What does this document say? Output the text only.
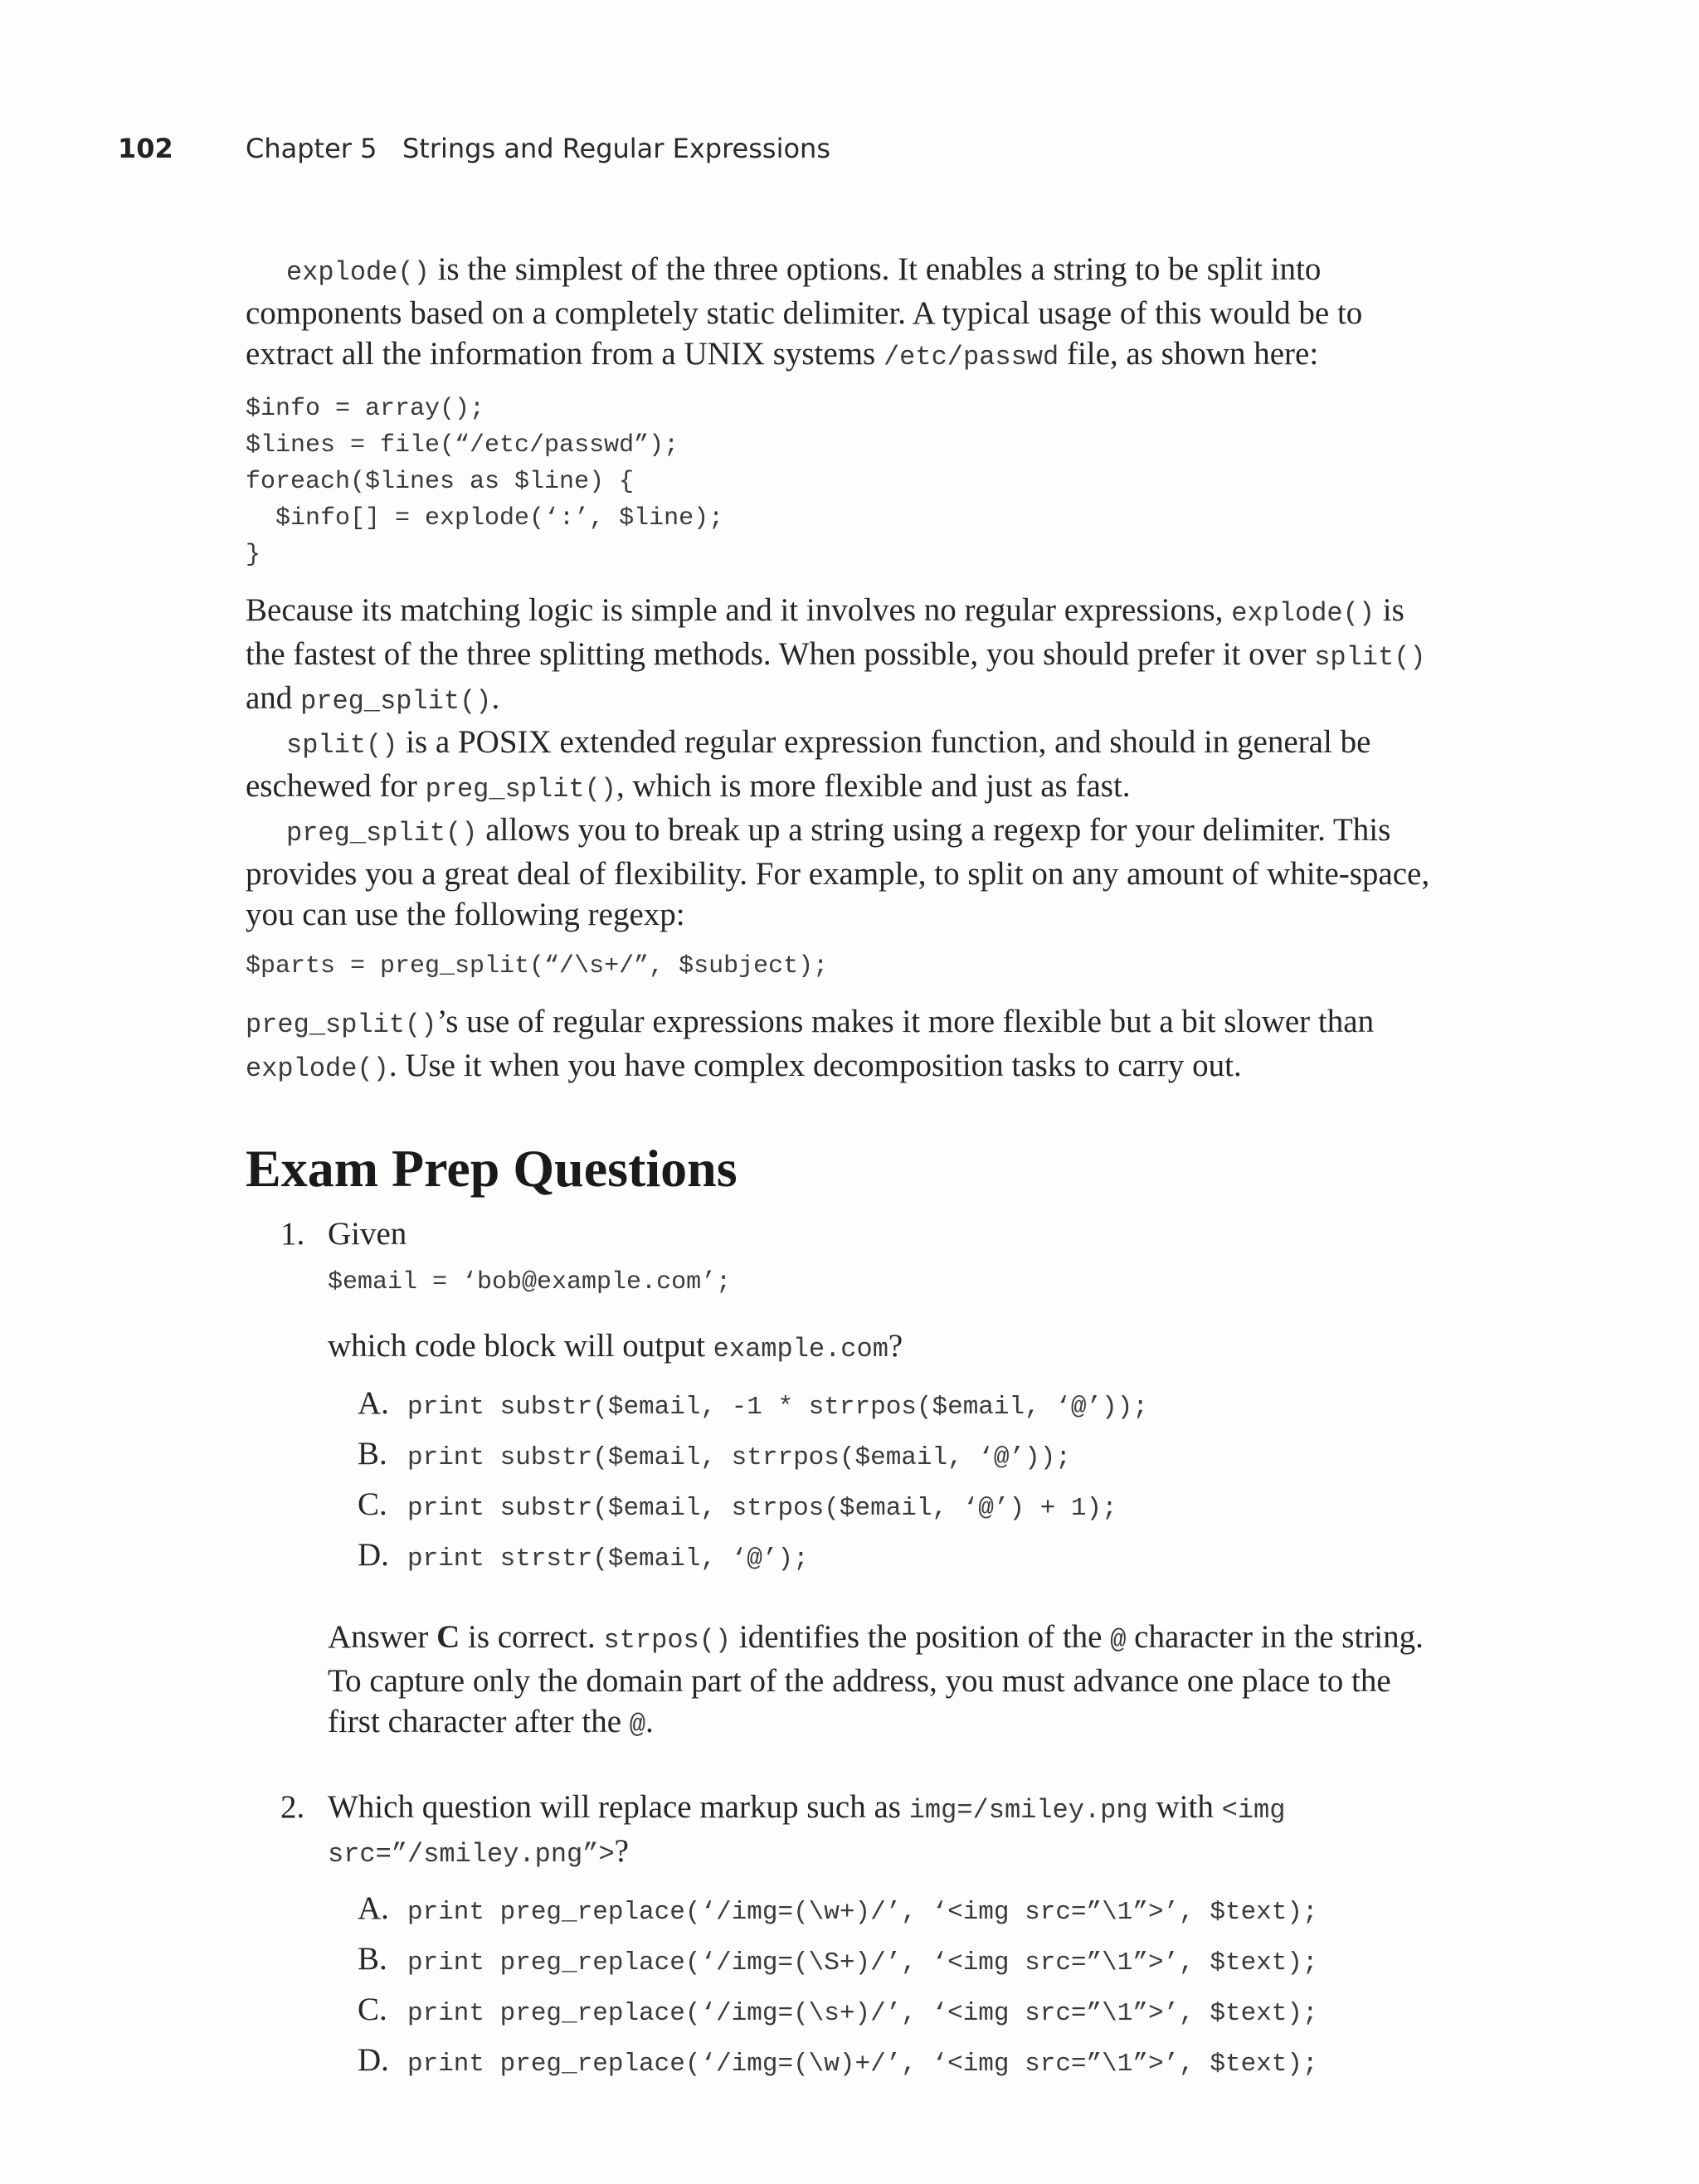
102	Chapter 5   Strings and Regular Expressions

explode() is the simplest of the three options. It enables a string to be split into components based on a completely static delimiter. A typical usage of this would be to extract all the information from a UNIX systems /etc/passwd file, as shown here:

$info = array();
$lines = file(“/etc/passwd”);
foreach($lines as $line) {
$info[] = explode(‘:’, $line);
}

Because its matching logic is simple and it involves no regular expressions, explode() is the fastest of the three splitting methods. When possible, you should prefer it over split() and preg_split().

split() is a POSIX extended regular expression function, and should in general be eschewed for preg_split(), which is more flexible and just as fast.

preg_split() allows you to break up a string using a regexp for your delimiter. This provides you a great deal of flexibility. For example, to split on any amount of white-space, you can use the following regexp:

$parts = preg_split(“/\s+/”, $subject);

preg_split()’s use of regular expressions makes it more flexible but a bit slower than explode(). Use it when you have complex decomposition tasks to carry out.

Exam Prep Questions
1. Given

$email = ‘bob@example.com’;

which code block will output example.com?

A. print substr($email, -1 * strrpos($email, ‘@’));
B. print substr($email, strrpos($email, ‘@’));
C. print substr($email, strpos($email, ‘@’) + 1);
D. print strstr($email, ‘@’);

Answer C is correct. strpos() identifies the position of the @ character in the string. To capture only the domain part of the address, you must advance one place to the first character after the @.

2. Which question will replace markup such as img=/smiley.png with <img src=”/smiley.png”>?

A. print preg_replace(‘/img=(\w+)/’, ‘<img src=”\1”>’, $text);
B. print preg_replace(‘/img=(\S+)/’, ‘<img src=”\1”>’, $text);
C. print preg_replace(‘/img=(\s+)/’, ‘<img src=”\1”>’, $text);
D. print preg_replace(‘/img=(\w)+/’, ‘<img src=”\1”>’, $text);
